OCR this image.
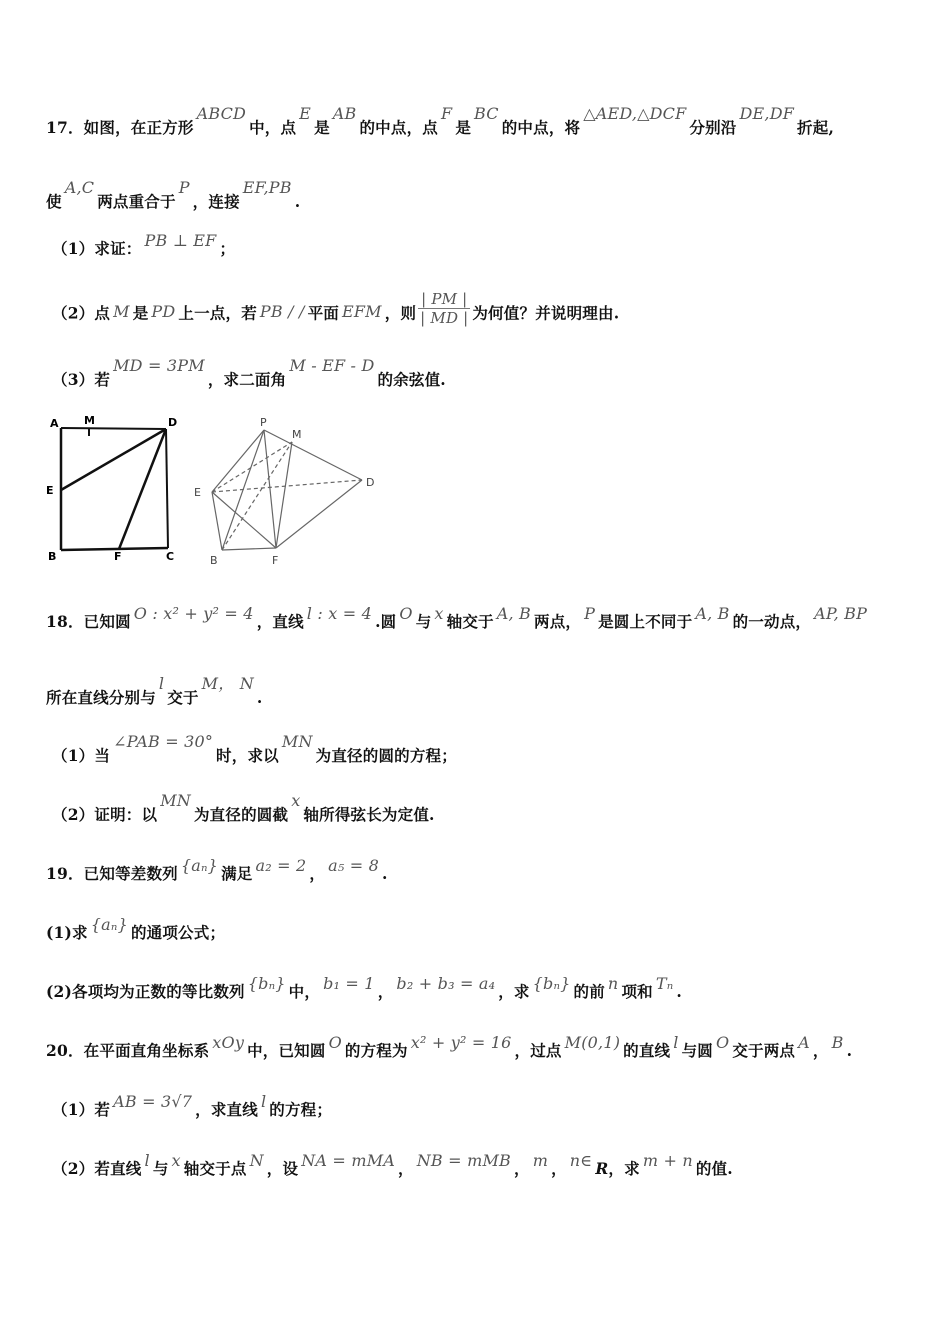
17．如图，在正方形ABCD中，点E是AB的中点，点F是BC的中点，将△AED,△DCF分别沿DE,DF折起,
使A,C两点重合于P，连接EF,PB.
（1）求证： PB ⊥ EF ；
（2）点 M 是 PD 上一点，若 PB / / 平面 EFM ，则 $\frac{| PM |}{| MD |}$ 为何值？并说明理由.
（3）若MD = 3PM，求二面角M - EF - D的余弦值.
A M	D
E
B	F	C
P
M
E
D
B	F
18．已知圆 O : x² + y² = 4 ，直线 l : x = 4 .圆 O 与 x 轴交于 A, B 两点， P 是圆上不同于 A, B 的一动点， AP, BP
所在直线分别与l交于M， N.
（1）当∠PAB = 30°时，求以MN为直径的圆的方程；
（2）证明：以MN为直径的圆截x轴所得弦长为定值.
19．已知等差数列 {aₙ} 满足 a₂ = 2 ， a₅ = 8 .
(1)求 {aₙ} 的通项公式；
(2)各项均为正数的等比数列 {bₙ} 中， b₁ = 1 ， b₂ + b₃ = a₄ ，求 {bₙ} 的前 n 项和 Tₙ .
20．在平面直角坐标系 xOy 中，已知圆 O 的方程为 x² + y² = 16 ，过点 M(0,1) 的直线 l 与圆 O 交于两点 A ， B .
（1）若 AB = 3√7 ，求直线 l 的方程；
（2）若直线 l 与 x 轴交于点 N ，设 NA = mMA ， NB = mMB ， m ， n∈ R，求 m + n 的值.
